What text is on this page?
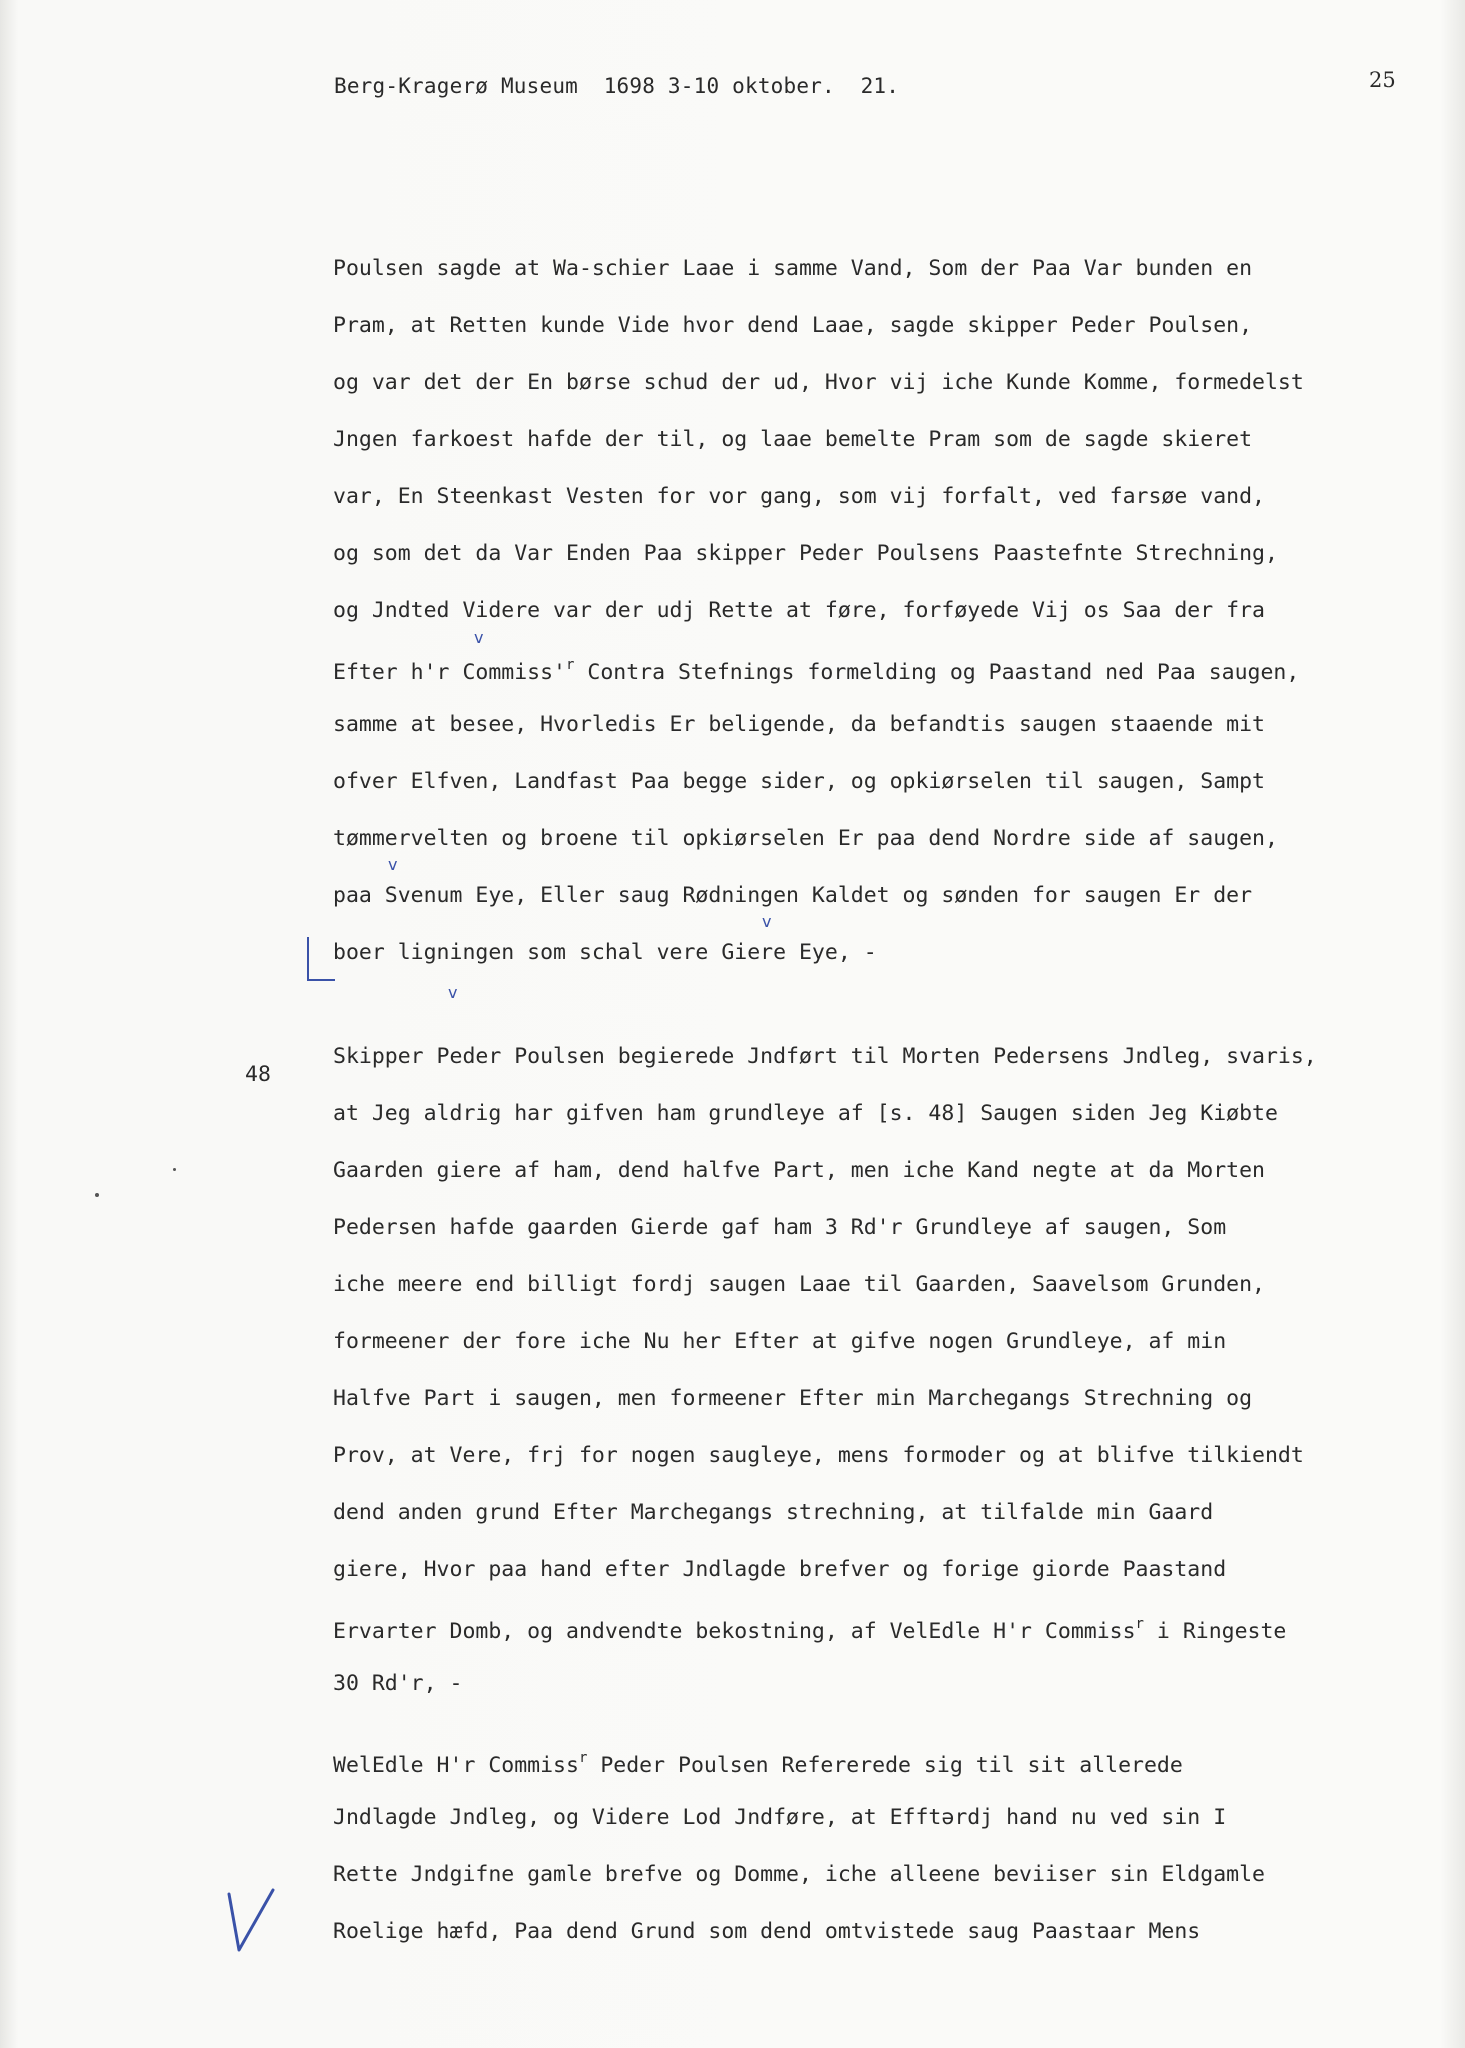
Berg-Kragerø Museum  1698 3-10 oktober.  21.	25
48
Poulsen sagde at Wa-schier Laae i samme Vand, Som der Paa Var bunden en
Pram, at Retten kunde Vide hvor dend Laae, sagde skipper Peder Poulsen,
og var det der En børse schud der ud, Hvor vij iche Kunde Komme, formedelst
Jngen farkoest hafde der til, og laae bemelte Pram som de sagde skieret
var, En Steenkast Vesten for vor gang, som vij forfalt, ved farsøe vand,
og som det da Var Enden Paa skipper Peder Poulsens Paastefnte Strechning,
og Jndted Videre var der udj Rette at føre, forføyede Vij os Saa der fra
Efter h'r $Commiss'^r$ Contra Stefnings formelding og Paastand ned Paa saugen,
samme at besee, Hvorledis Er beligende, da befandtis saugen staaende mit
ofver Elfven, Landfast Paa begge sider, og opkiørselen til saugen, Sampt
tømmervelten og broene til opkiørselen Er paa dend Nordre side af saugen,
paa Svenum Eye, Eller saug Rødningen Kaldet og sønden for saugen Er der
boer ligningen som schal vere Giere Eye, -
Skipper Peder Poulsen begierede Jndført til Morten Pedersens Jndleg, svaris,
at Jeg aldrig har gifven ham grundleye af [s. 48] Saugen siden Jeg Kiøbte
Gaarden giere af ham, dend halfve Part, men iche Kand negte at da Morten
Pedersen hafde gaarden Gierde gaf ham 3 Rd'r Grundleye af saugen, Som
iche meere end billigt fordj saugen Laae til Gaarden, Saavelsom Grunden,
formeener der fore iche Nu her Efter at gifve nogen Grundleye, af min
Halfve Part i saugen, men formeener Efter min Marchegangs Strechning og
Prov, at Vere, frj for nogen saugleye, mens formoder og at blifve tilkiendt
dend anden grund Efter Marchegangs strechning, at tilfalde min Gaard
giere, Hvor paa hand efter Jndlagde brefver og forige giorde Paastand
Ervarter Domb, og andvendte bekostning, af VelEdle H'r Commiss$^r$ i Ringeste
30 Rd'r, -
WelEdle H'r Commiss$^r$ Peder Poulsen Refererede sig til sit allerede
Jndlagde Jndleg, og Videre Lod Jndføre, at Efftərdj hand nu ved sin I
Rette Jndgifne gamle brefve og Domme, iche alleene beviiser sin Eldgamle
Roelige hæfd, Paa dend Grund som dend omtvistede saug Paastaar Mens
v
v
v
v
